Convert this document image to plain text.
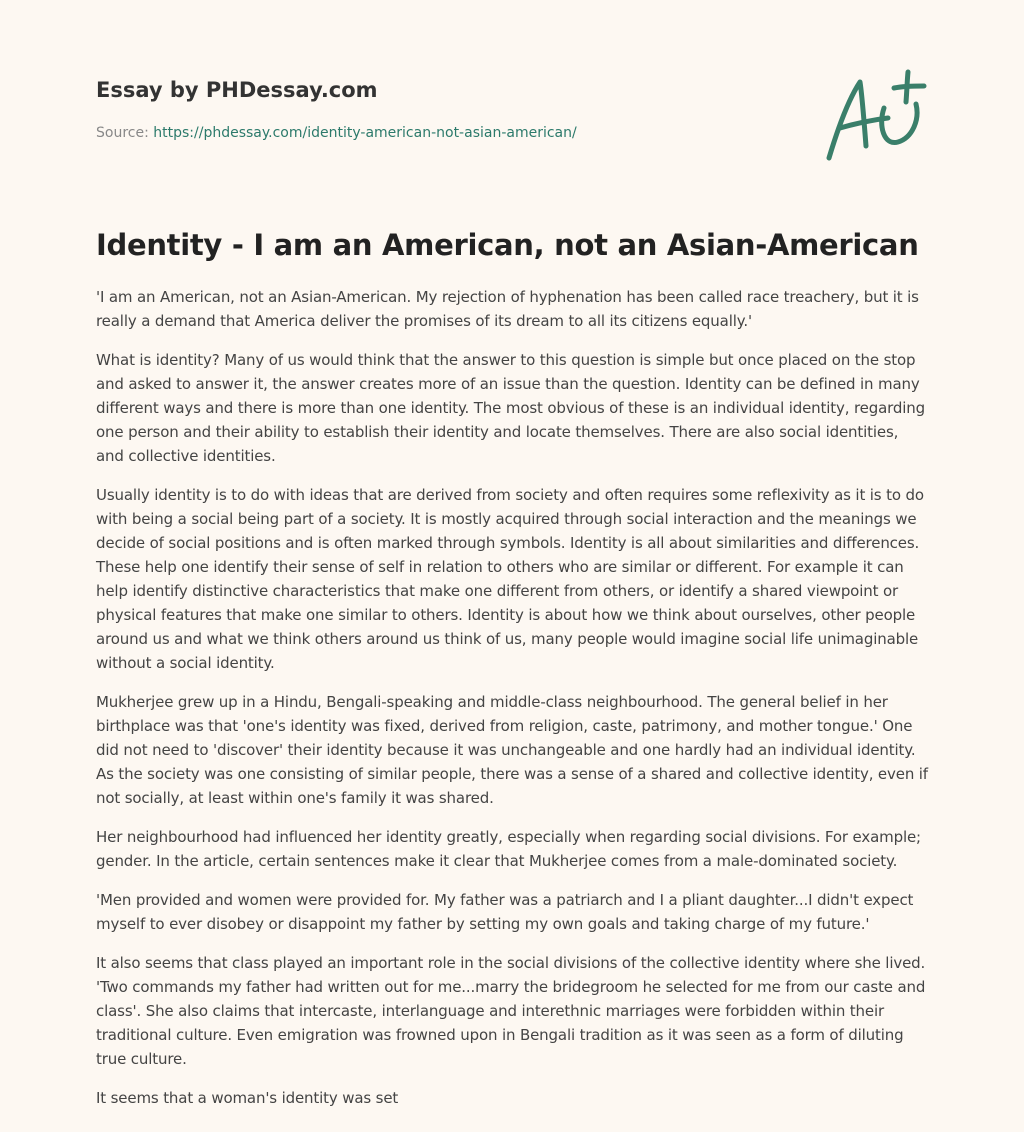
Essay by PHDessay.com
Source: https://phdessay.com/identity-american-not-asian-american/
Identity - I am an American, not an Asian-American

'I am an American, not an Asian-American. My rejection of hyphenation has been called race treachery, but it is really a demand that America deliver the promises of its dream to all its citizens equally.'

What is identity? Many of us would think that the answer to this question is simple but once placed on the stop and asked to answer it, the answer creates more of an issue than the question. Identity can be defined in many different ways and there is more than one identity. The most obvious of these is an individual identity, regarding one person and their ability to establish their identity and locate themselves. There are also social identities, and collective identities.

Usually identity is to do with ideas that are derived from society and often requires some reflexivity as it is to do with being a social being part of a society. It is mostly acquired through social interaction and the meanings we decide of social positions and is often marked through symbols. Identity is all about similarities and differences. These help one identify their sense of self in relation to others who are similar or different. For example it can help identify distinctive characteristics that make one different from others, or identify a shared viewpoint or physical features that make one similar to others. Identity is about how we think about ourselves, other people around us and what we think others around us think of us, many people would imagine social life unimaginable without a social identity.

Mukherjee grew up in a Hindu, Bengali-speaking and middle-class neighbourhood. The general belief in her birthplace was that 'one's identity was fixed, derived from religion, caste, patrimony, and mother tongue.' One did not need to 'discover' their identity because it was unchangeable and one hardly had an individual identity. As the society was one consisting of similar people, there was a sense of a shared and collective identity, even if not socially, at least within one's family it was shared.

Her neighbourhood had influenced her identity greatly, especially when regarding social divisions. For example; gender. In the article, certain sentences make it clear that Mukherjee comes from a male-dominated society.

'Men provided and women were provided for. My father was a patriarch and I a pliant daughter...I didn't expect myself to ever disobey or disappoint my father by setting my own goals and taking charge of my future.'

It also seems that class played an important role in the social divisions of the collective identity where she lived. 'Two commands my father had written out for me...marry the bridegroom he selected for me from our caste and class'. She also claims that intercaste, interlanguage and interethnic marriages were forbidden within their traditional culture. Even emigration was frowned upon in Bengali tradition as it was seen as a form of diluting true culture.

It seems that a woman's identity was set
